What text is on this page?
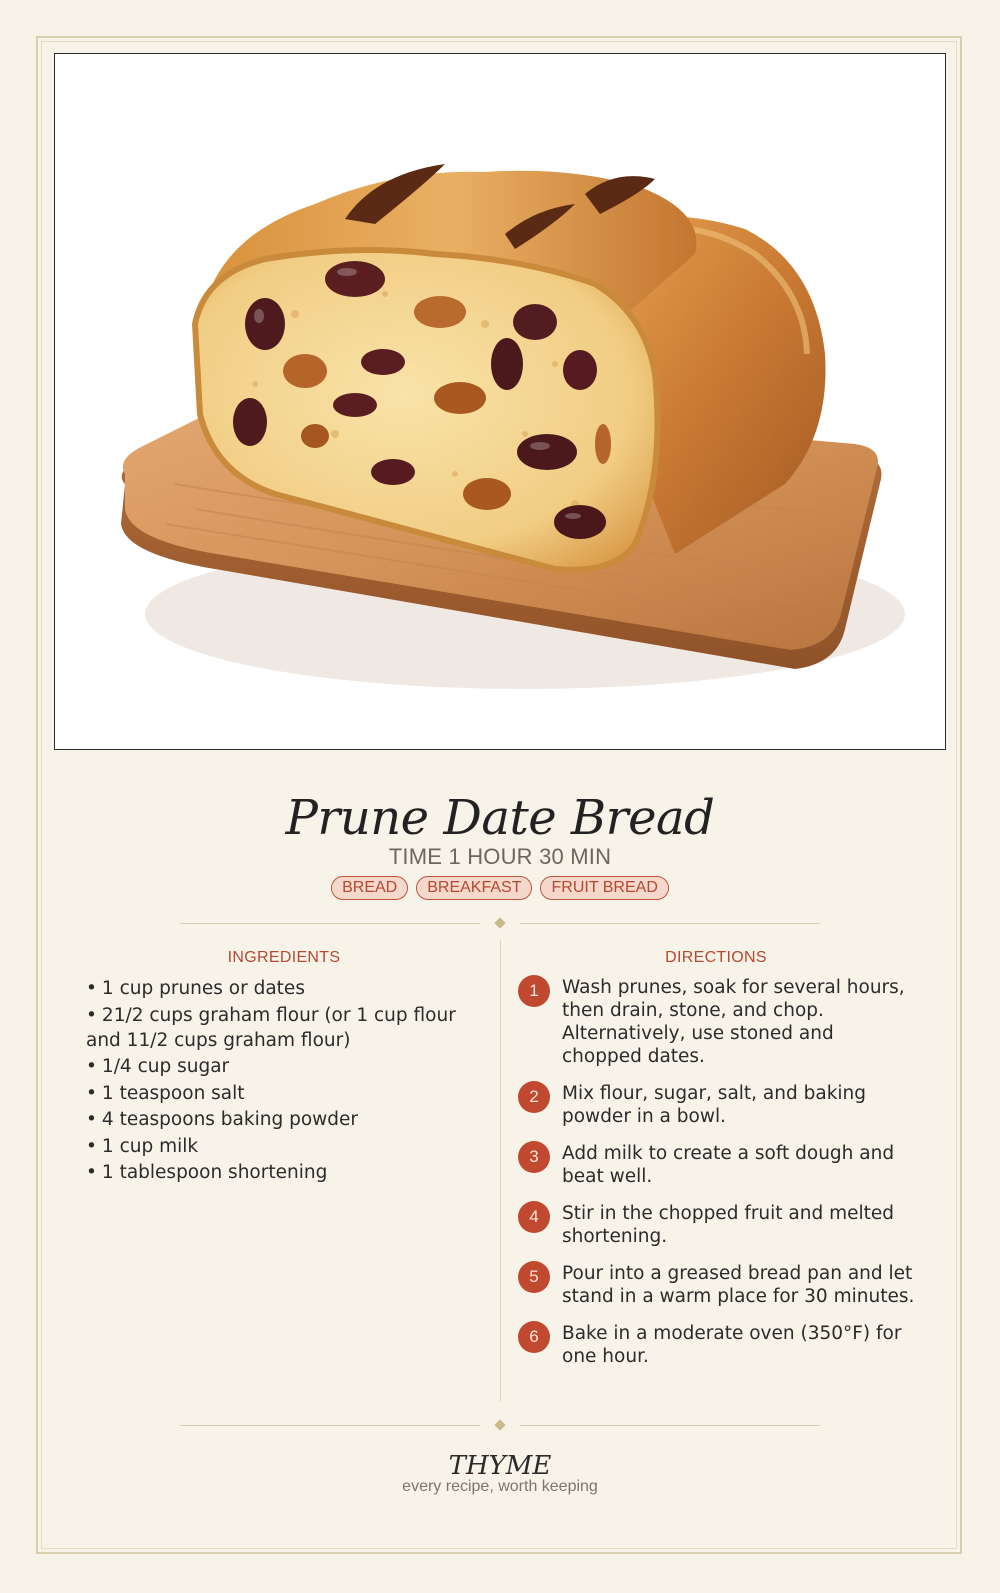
Prune Date Bread
TIME 1 HOUR 30 MIN
BREAD BREAKFAST FRUIT BREAD
INGREDIENTS
• 1 cup prunes or dates
• 21/2 cups graham flour (or 1 cup flour and 11/2 cups graham flour)
• 1/4 cup sugar
• 1 teaspoon salt
• 4 teaspoons baking powder
• 1 cup milk
• 1 tablespoon shortening
DIRECTIONS
1	Wash prunes, soak for several hours, then drain, stone, and chop. Alternatively, use stoned and chopped dates.
2	Mix flour, sugar, salt, and baking powder in a bowl.
3	Add milk to create a soft dough and beat well.
4	Stir in the chopped fruit and melted shortening.
5	Pour into a greased bread pan and let stand in a warm place for 30 minutes.
6	Bake in a moderate oven (350°F) for one hour.
THYME
every recipe, worth keeping
